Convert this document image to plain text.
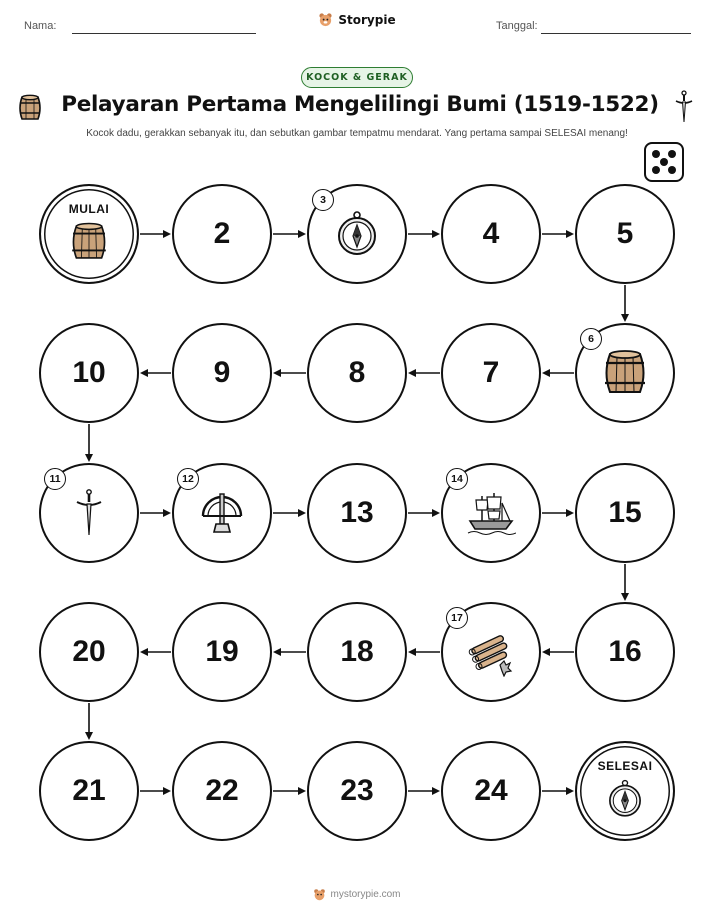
Nama:	Storypie	Tanggal:
KOCOK & GERAK
Pelayaran Pertama Mengelilingi Bumi (1519-1522)
Kocok dadu, gerakkan sebanyak itu, dan sebutkan gambar tempatmu mendarat. Yang pertama sampai SELESAI menang!
MULAI
2
3
4	5
6
7
8
9
10
11	12
13
14
15
16
17
18
19
20
21	22	23	24
SELESAI
mystorypie.com
